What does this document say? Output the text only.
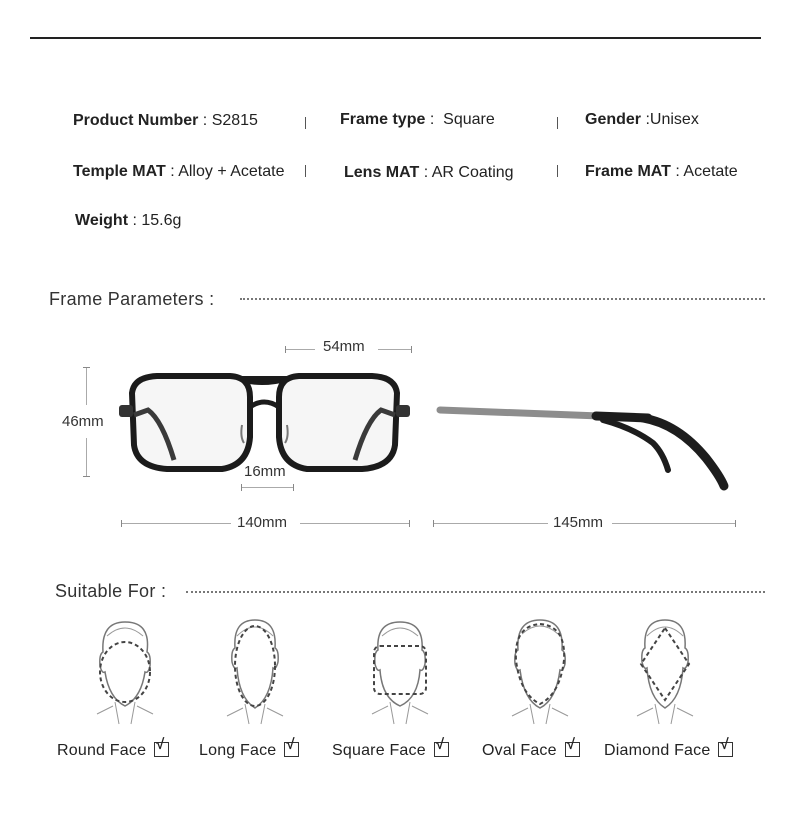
Product Number : S2815	Frame type :  Square	Gender :Unisex
Temple MAT : Alloy + Acetate	Lens MAT : AR Coating	Frame MAT : Acetate
Weight : 15.6g
Frame Parameters :
54mm
46mm
16mm
140mm	145mm
Suitable For :
Round Face √ Long Face √ Square Face √ Oval Face √ Diamond Face √
